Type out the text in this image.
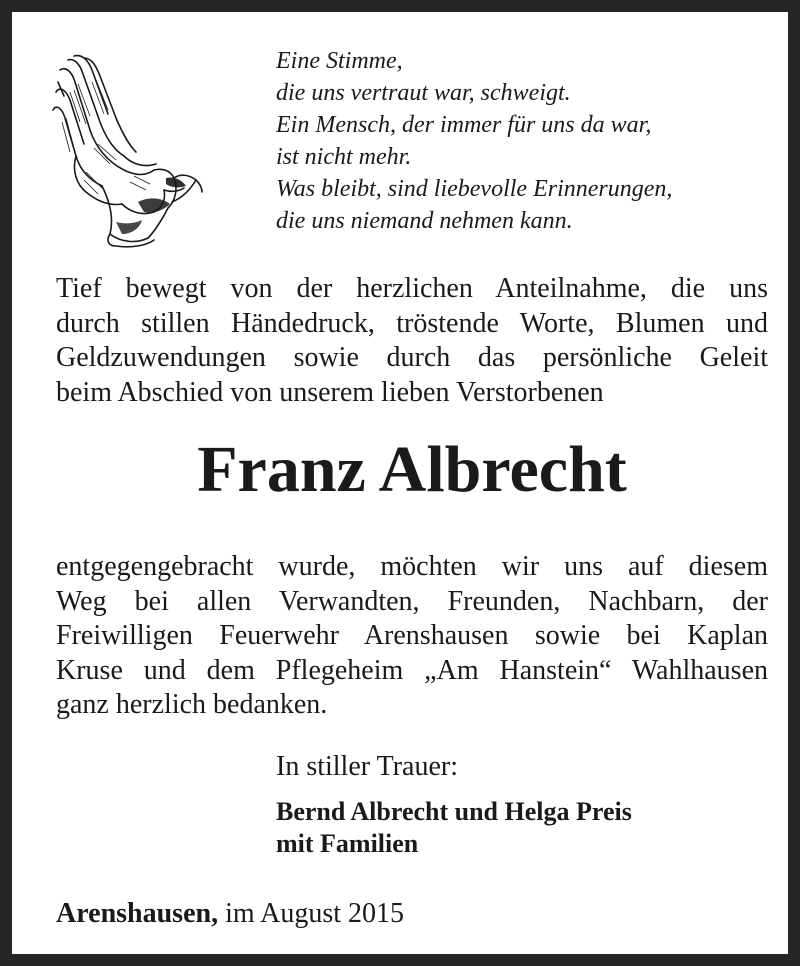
Eine Stimme,
die uns vertraut war, schweigt.
Ein Mensch, der immer für uns da war,
ist nicht mehr.
Was bleibt, sind liebevolle Erinnerungen,
die uns niemand nehmen kann.
Tief bewegt von der herzlichen Anteilnahme, die uns
durch stillen Händedruck, tröstende Worte, Blumen und
Geldzuwendungen sowie durch das persönliche Geleit
beim Abschied von unserem lieben Verstorbenen
Franz Albrecht
entgegengebracht wurde, möchten wir uns auf diesem
Weg bei allen Verwandten, Freunden, Nachbarn, der
Freiwilligen Feuerwehr Arenshausen sowie bei Kaplan
Kruse und dem Pflegeheim „Am Hanstein“ Wahlhausen
ganz herzlich bedanken.
In stiller Trauer:
Bernd Albrecht und Helga Preis
mit Familien
Arenshausen, im August 2015
